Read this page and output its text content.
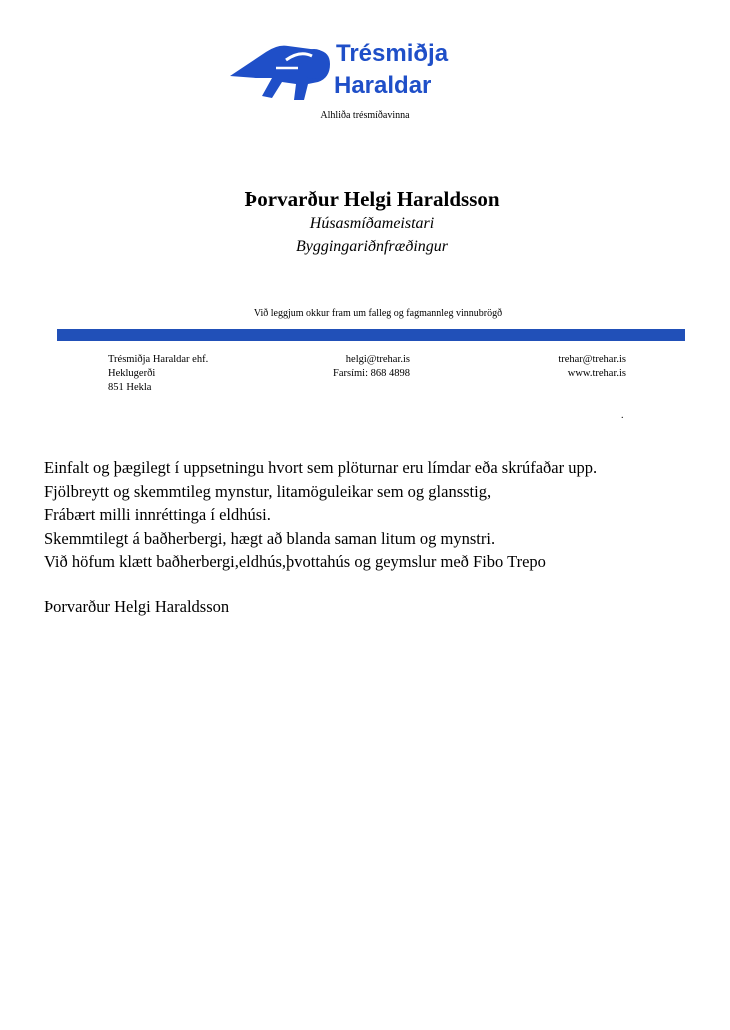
Trésmiðja
Haraldar
Alhliða trésmíðavinna
Þorvarður Helgi Haraldsson
Húsasmíðameistari
Byggingariðnfræðingur
Við leggjum okkur fram um falleg og fagmannleg vinnubrögð
Trésmiðja Haraldar ehf.
Heklugerði
851 Hekla
helgi@trehar.is
Farsími: 868 4898
trehar@trehar.is
www.trehar.is
.

Einfalt og þægilegt í uppsetningu hvort sem plöturnar eru límdar eða skrúfaðar upp.

Fjölbreytt og skemmtileg mynstur, litamöguleikar sem og glansstig,

Frábært milli innréttinga í eldhúsi.

Skemmtilegt á baðherbergi, hægt að blanda saman litum og mynstri.

Við höfum klætt baðherbergi,eldhús,þvottahús og geymslur með Fibo Trepo

Þorvarður Helgi Haraldsson
